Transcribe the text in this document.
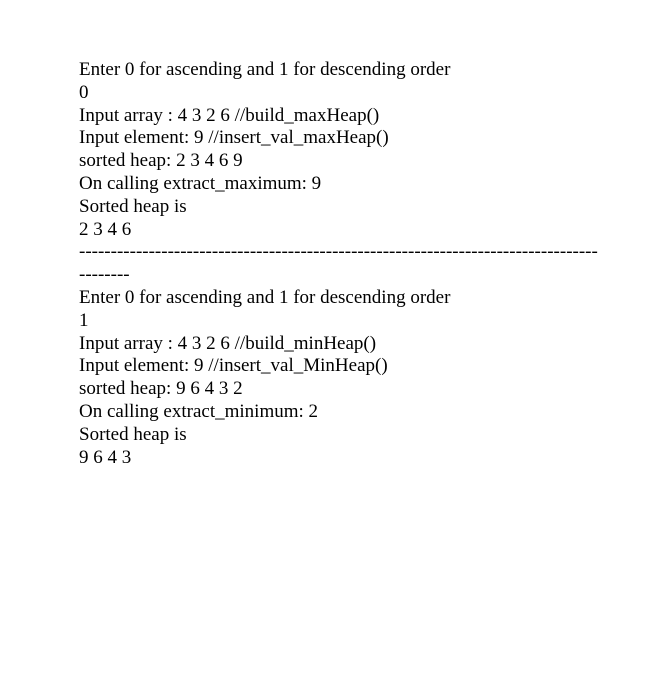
Enter 0 for ascending and 1 for descending order
0
Input array : 4 3 2 6 //build_maxHeap()
Input element: 9 //insert_val_maxHeap()
sorted heap: 2 3 4 6 9
On calling extract_maximum: 9
Sorted heap is
2 3 4 6
------------------------------------------------------------------------------------------
Enter 0 for ascending and 1 for descending order
1
Input array : 4 3 2 6 //build_minHeap()
Input element: 9 //insert_val_MinHeap()
sorted heap: 9 6 4 3 2
On calling extract_minimum: 2
Sorted heap is
9 6 4 3
